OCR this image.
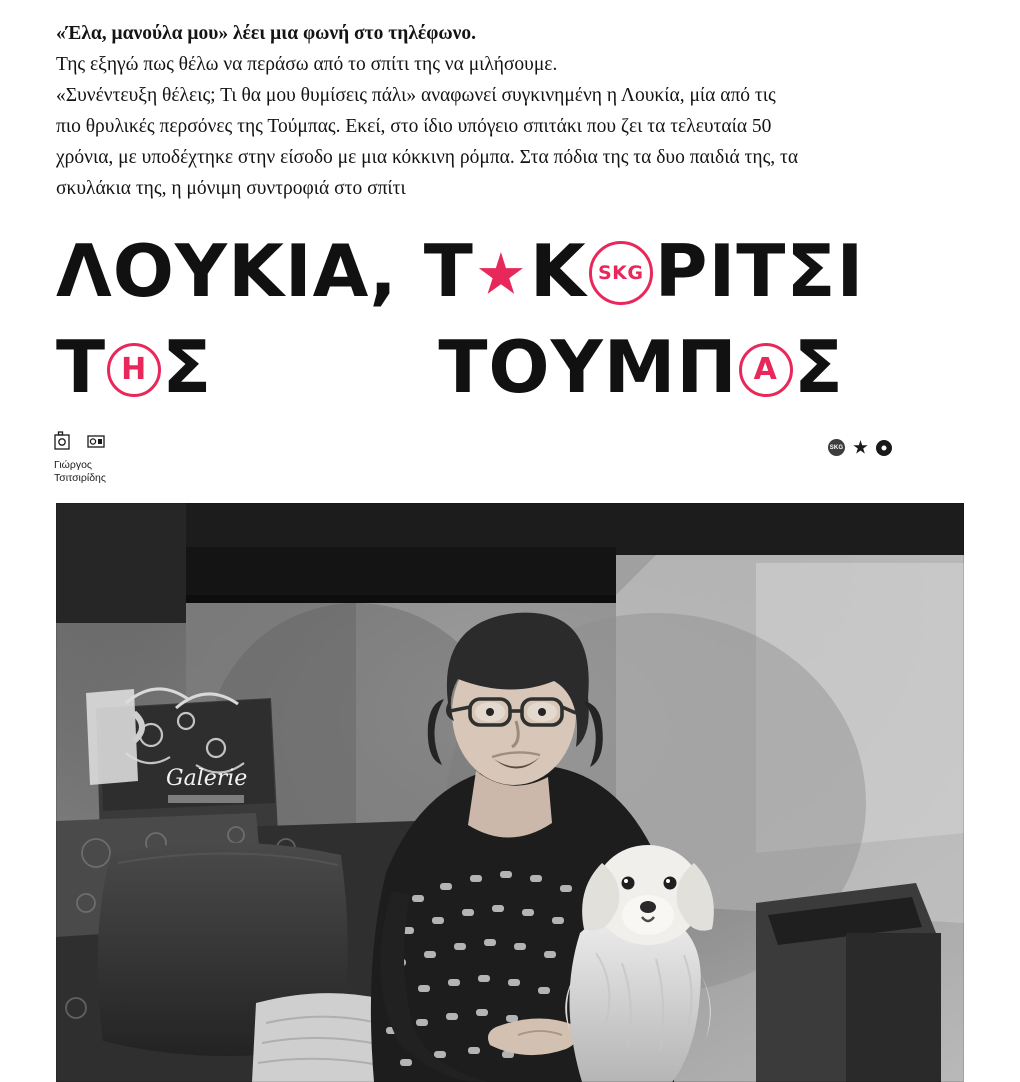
«Έλα, μανούλα μου» λέει μια φωνή στο τηλέφωνο.

Της εξηγώ πως θέλω να περάσω από το σπίτι της να μιλήσουμε.

«Συνέντευξη θέλεις; Τι θα μου θυμίσεις πάλι» αναφωνεί συγκινημένη η Λουκία, μία από τις

πιο θρυλικές περσόνες της Τούμπας. Εκεί, στο ίδιο υπόγειο σπιτάκι που ζει τα τελευταία 50

χρόνια, με υποδέχτηκε στην είσοδο με μια κόκκινη ρόμπα. Στα πόδια της τα δυο παιδιά της, τα

σκυλάκια της, η μόνιμη συντροφιά στο σπίτι

ΛΟΥΚΙΑ, Τ Κ SKG ΡΙΤΣΙ
Τ Η Σ

	ΤΟΥΜΠ Α Σ
Γιώργος
Τσιτσιρίδης
SKG
Galerie
